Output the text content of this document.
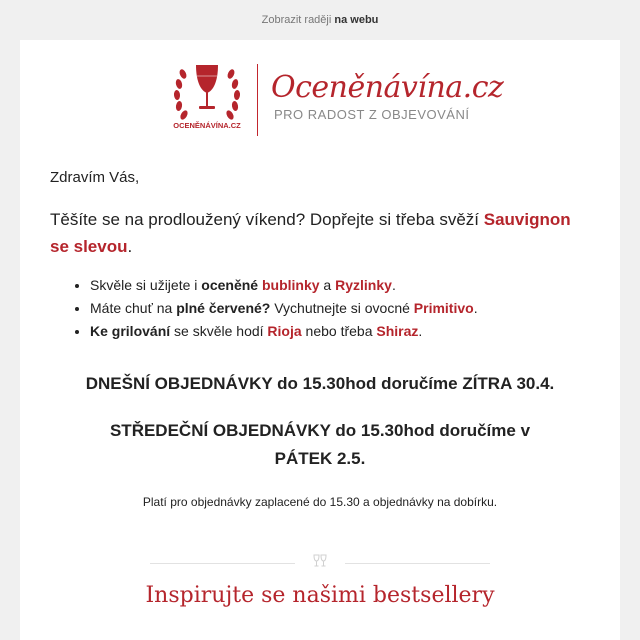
Zobrazit raději na webu
OCENĚNÁVÍNA.CZ
Oceněnávína.cz
PRO RADOST Z OBJEVOVÁNÍ

Zdravím Vás,

Těšíte se na prodloužený víkend? Dopřejte si třeba svěží Sauvignon se slevou.

• Skvěle si užijete i oceněné bublinky a Ryzlinky.
• Máte chuť na plné červené? Vychutnejte si ovocné Primitivo.
• Ke grilování se skvěle hodí Rioja nebo třeba Shiraz.

DNEŠNÍ OBJEDNÁVKY do 15.30hod doručíme ZÍTRA 30.4.

STŘEDEČNÍ OBJEDNÁVKY do 15.30hod doručíme v PÁTEK 2.5.

Platí pro objednávky zaplacené do 15.30 a objednávky na dobírku.

Inspirujte se našimi bestsellery
